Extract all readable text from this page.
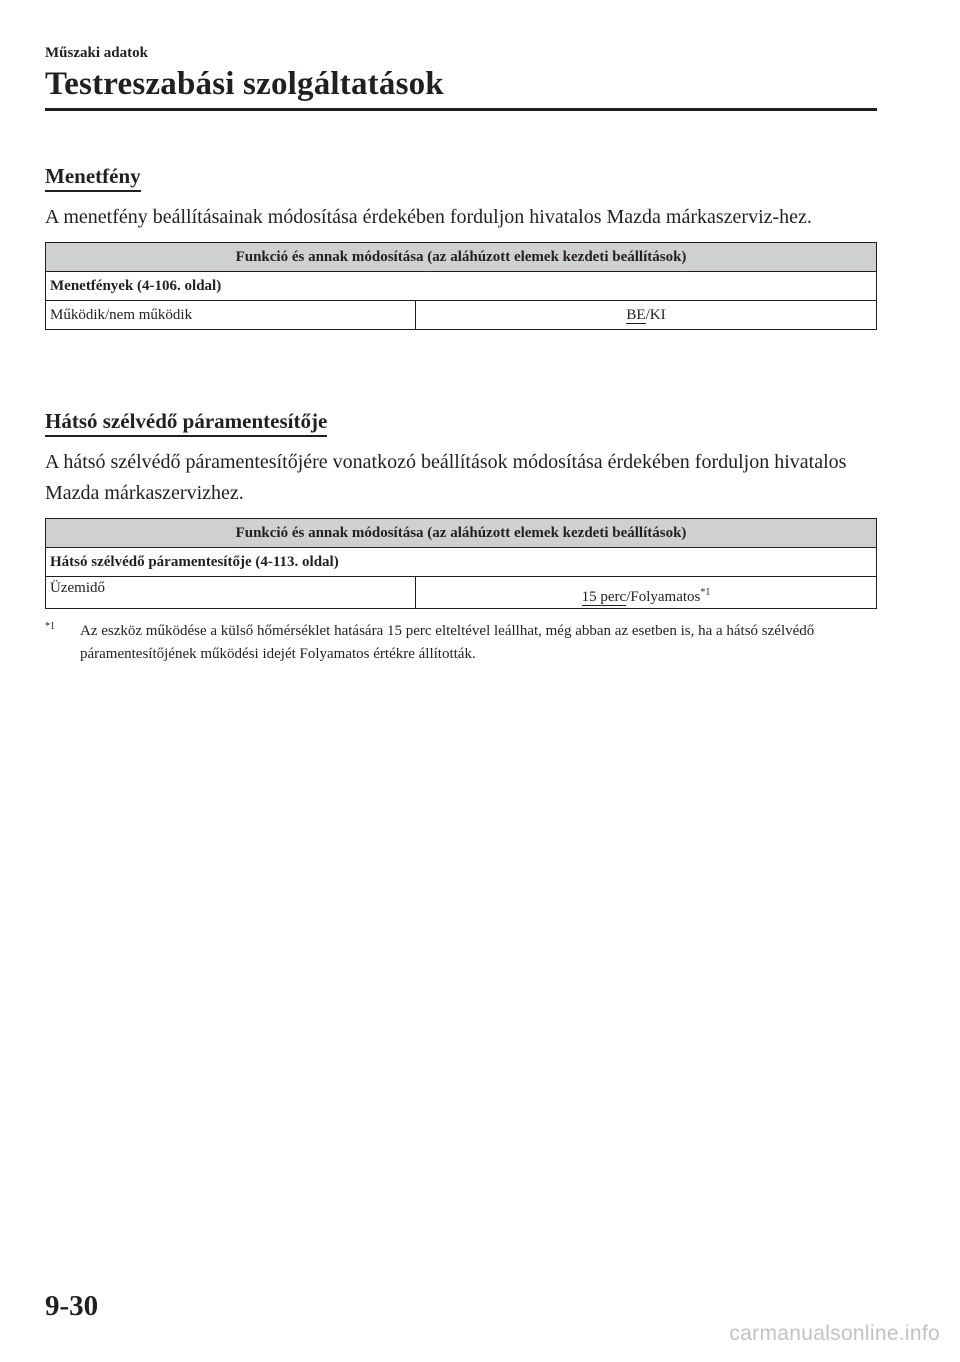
Műszaki adatok
Testreszabási szolgáltatások
Menetfény
A menetfény beállításainak módosítása érdekében forduljon hivatalos Mazda márkaszerviz-hez.
Funkció és annak módosítása (az aláhúzott elemek kezdeti beállítások)
Menetfények (4-106. oldal)
Működik/nem működik	BE/KI
Hátsó szélvédő páramentesítője
A hátsó szélvédő páramentesítőjére vonatkozó beállítások módosítása érdekében forduljon hivatalos Mazda márkaszervizhez.
Funkció és annak módosítása (az aláhúzott elemek kezdeti beállítások)
Hátsó szélvédő páramentesítője (4-113. oldal)
Üzemidő	15 perc/Folyamatos$^{*1}$
$^{*1}$ Az eszköz működése a külső hőmérséklet hatására 15 perc elteltével leállhat, még abban az esetben is, ha a hátsó szélvédő páramentesítőjének működési idejét Folyamatos értékre állították.
9-30
carmanualsonline.info
